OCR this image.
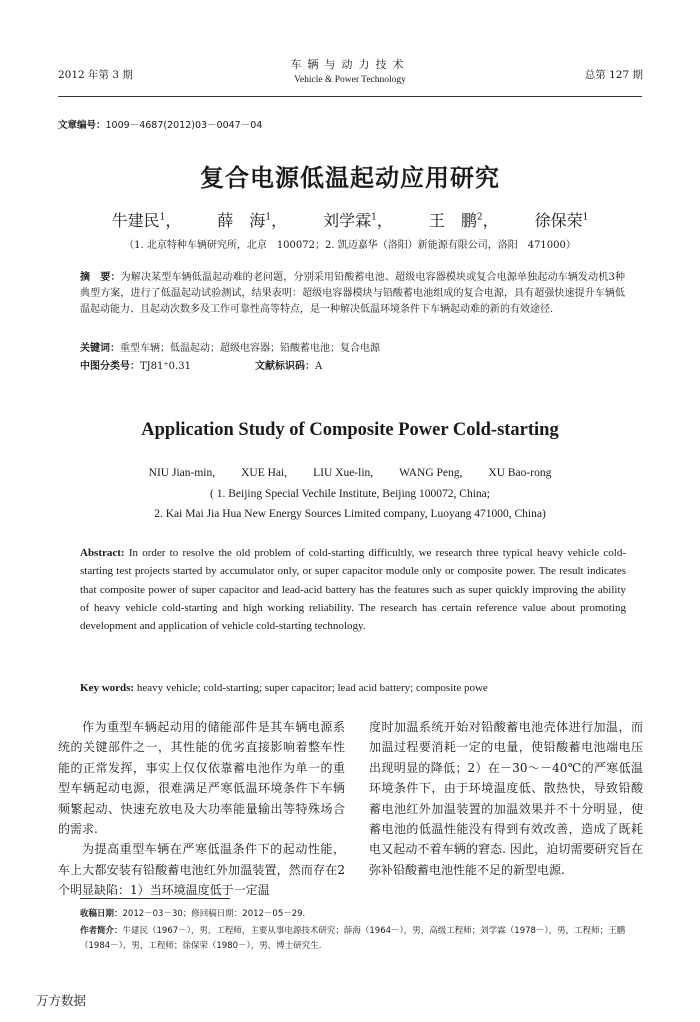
2012 年第 3 期
车辆与动力技术
Vehicle & Power Technology	总第 127 期
文章编号：1009－4687(2012)03－0047－04
复合电源低温起动应用研究
牛建民$^1$， 薛　海$^1$， 刘学霖$^1$， 王　鹏$^2$， 徐保荣$^1$
（1. 北京特种车辆研究所，北京　100072；2. 凯迈嘉华（洛阳）新能源有限公司，洛阳　471000）
摘　要：为解决某型车辆低温起动难的老问题，分别采用铅酸蓄电池、超级电容器模块或复合电源单独起动车辆发动机3种典型方案，进行了低温起动试验测试，结果表明：超级电容器模块与铅酸蓄电池组成的复合电源，具有超强快速提升车辆低温起动能力、且起动次数多及工作可靠性高等特点，是一种解决低温环境条件下车辆起动难的新的有效途径.
关键词：重型车辆；低温起动；超级电容器；铅酸蓄电池；复合电源
中图分类号：TJ81⁺0.31	文献标识码：A
Application Study of Composite Power Cold-starting
NIU Jian-min, XUE Hai, LIU Xue-lin, WANG Peng, XU Bao-rong
( 1. Beijing Special Vechile Institute, Beijing 100072, China;
2. Kai Mai Jia Hua New Energy Sources Limited company, Luoyang 471000, China)
Abstract: In order to resolve the old problem of cold-starting difficultly, we research three typical heavy vehicle cold-starting test projects started by accumulator only, or super capacitor module only or composite power. The result indicates that composite power of super capacitor and lead-acid battery has the features such as super quickly improving the ability of heavy vehicle cold-starting and high working reliability. The research has certain reference value about promoting development and application of vehicle cold-starting technology.
Key words: heavy vehicle; cold-starting; super capacitor; lead acid battery; composite powe

作为重型车辆起动用的储能部件是其车辆电源系统的关键部件之一，其性能的优劣直接影响着整车性能的正常发挥，事实上仅仅依靠蓄电池作为单一的重型车辆起动电源，很难满足严寒低温环境条件下车辆频繁起动、快速充放电及大功率能量输出等特殊场合的需求.

为提高重型车辆在严寒低温条件下的起动性能，车上大都安装有铅酸蓄电池红外加温装置，然而存在2个明显缺陷：1）当环境温度低于一定温

度时加温系统开始对铅酸蓄电池壳体进行加温，而加温过程要消耗一定的电量，使铅酸蓄电池端电压出现明显的降低；2）在－30～－40℃的严寒低温环境条件下，由于环境温度低、散热快，导致铅酸蓄电池红外加温装置的加温效果并不十分明显，使蓄电池的低温性能没有得到有效改善，造成了既耗电又起动不着车辆的窘态. 因此，迫切需要研究旨在弥补铅酸蓄电池性能不足的新型电源.

收稿日期：2012－03－30；修回稿日期：2012－05－29.
作者简介：牛建民（1967－），男，工程师，主要从事电源技术研究；薛海（1964－），男，高级工程师；刘学霖（1978－），男，工程师；王鹏（1984－），男，工程师；徐保荣（1980－），男，博士研究生.
万方数据
